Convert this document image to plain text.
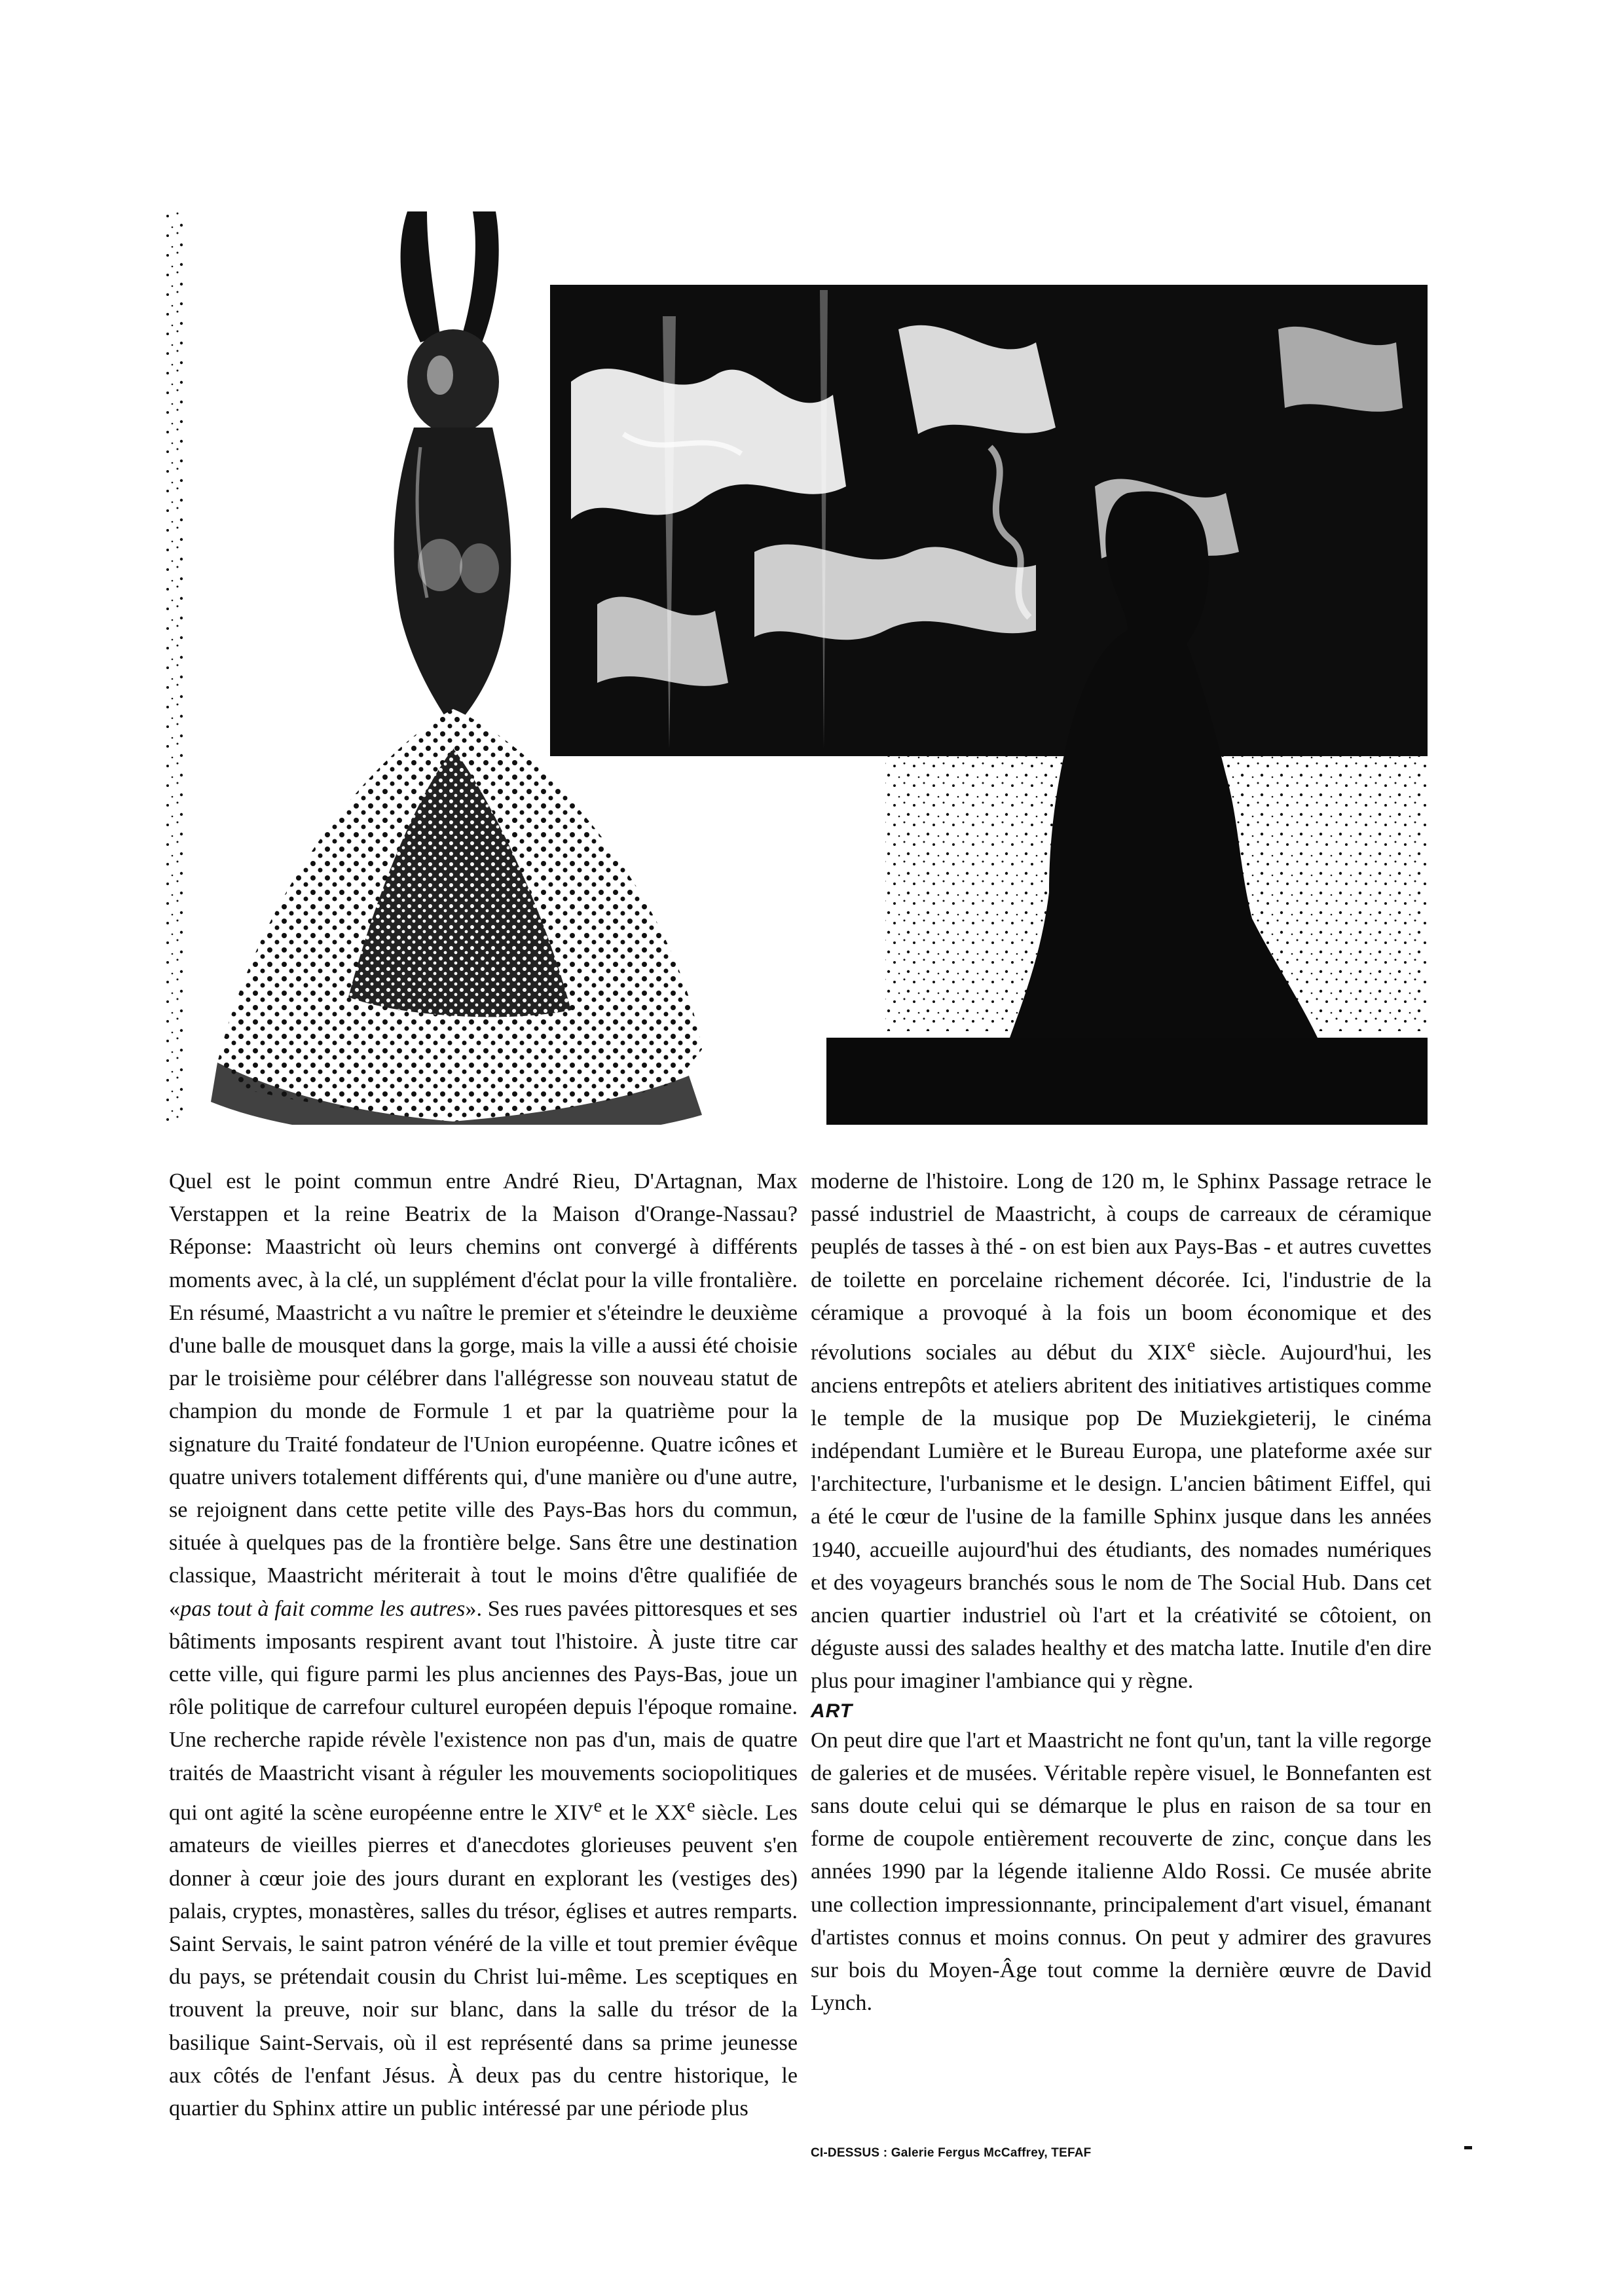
Quel est le point commun entre André Rieu, D'Artagnan, Max Verstappen et la reine Beatrix de la Maison d'Orange-Nassau? Réponse: Maastricht où leurs chemins ont convergé à différents moments avec, à la clé, un supplément d'éclat pour la ville frontalière. En résumé, Maastricht a vu naître le premier et s'éteindre le deuxième d'une balle de mousquet dans la gorge, mais la ville a aussi été choisie par le troisième pour célébrer dans l'allégresse son nouveau statut de champion du monde de Formule 1 et par la quatrième pour la signature du Traité fondateur de l'Union européenne. Quatre icônes et quatre univers totalement différents qui, d'une manière ou d'une autre, se rejoignent dans cette petite ville des Pays-Bas hors du commun, située à quelques pas de la frontière belge. Sans être une destination classique, Maastricht mériterait à tout le moins d'être qualifiée de «pas tout à fait comme les autres». Ses rues pavées pittoresques et ses bâtiments imposants respirent avant tout l'histoire. À juste titre car cette ville, qui figure parmi les plus anciennes des Pays-Bas, joue un rôle politique de carrefour culturel européen depuis l'époque romaine. Une recherche rapide révèle l'existence non pas d'un, mais de quatre traités de Maastricht visant à réguler les mouvements sociopolitiques qui ont agité la scène européenne entre le XIVe et le XXe siècle. Les amateurs de vieilles pierres et d'anecdotes glorieuses peuvent s'en donner à cœur joie des jours durant en explorant les (vestiges des) palais, cryptes, monastères, salles du trésor, églises et autres remparts. Saint Servais, le saint patron vénéré de la ville et tout premier évêque du pays, se prétendait cousin du Christ lui-même. Les sceptiques en trouvent la preuve, noir sur blanc, dans la salle du trésor de la basilique Saint-Servais, où il est représenté dans sa prime jeunesse aux côtés de l'enfant Jésus. À deux pas du centre historique, le quartier du Sphinx attire un public intéressé par une période plus

moderne de l'histoire. Long de 120 m, le Sphinx Passage retrace le passé industriel de Maastricht, à coups de carreaux de céramique peuplés de tasses à thé - on est bien aux Pays-Bas - et autres cuvettes de toilette en porcelaine richement décorée. Ici, l'industrie de la céramique a provoqué à la fois un boom économique et des révolutions sociales au début du XIXe siècle. Aujourd'hui, les anciens entrepôts et ateliers abritent des initiatives artistiques comme le temple de la musique pop De Muziekgieterij, le cinéma indépendant Lumière et le Bureau Europa, une plateforme axée sur l'architecture, l'urbanisme et le design. L'ancien bâtiment Eiffel, qui a été le cœur de l'usine de la famille Sphinx jusque dans les années 1940, accueille aujourd'hui des étudiants, des nomades numériques et des voyageurs branchés sous le nom de The Social Hub. Dans cet ancien quartier industriel où l'art et la créativité se côtoient, on déguste aussi des salades healthy et des matcha latte. Inutile d'en dire plus pour imaginer l'ambiance qui y règne.

ART

On peut dire que l'art et Maastricht ne font qu'un, tant la ville regorge de galeries et de musées. Véritable repère visuel, le Bonnefanten est sans doute celui qui se démarque le plus en raison de sa tour en forme de coupole entièrement recouverte de zinc, conçue dans les années 1990 par la légende italienne Aldo Rossi. Ce musée abrite une collection impressionnante, principalement d'art visuel, émanant d'artistes connus et moins connus. On peut y admirer des gravures sur bois du Moyen-Âge tout comme la dernière œuvre de David Lynch.

CI-DESSUS : Galerie Fergus McCaffrey, TEFAF
